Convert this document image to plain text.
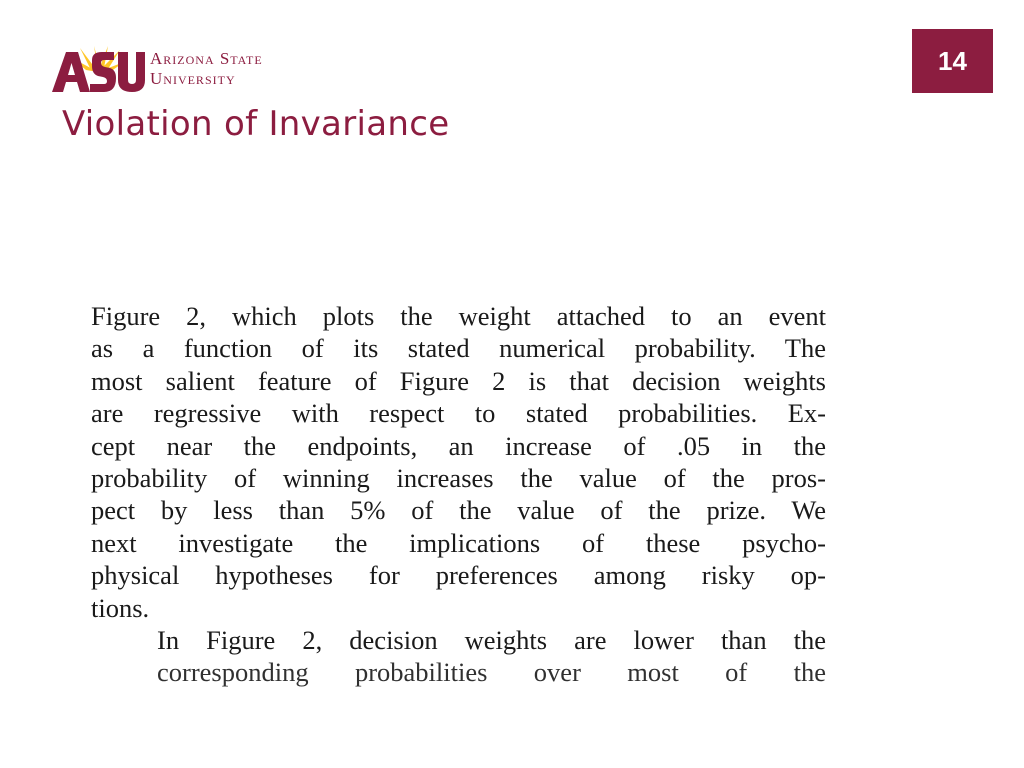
Arizona State
University
14
Violation of Invariance
Figure 2, which plots the weight attached to an event
as a function of its stated numerical probability. The
most salient feature of Figure 2 is that decision weights
are regressive with respect to stated probabilities. Ex-
cept near the endpoints, an increase of .05 in the
probability of winning increases the value of the pros-
pect by less than 5% of the value of the prize. We
next investigate the implications of these psycho-
physical hypotheses for preferences among risky op-
tions.
In Figure 2, decision weights are lower than the
corresponding probabilities over most of the
